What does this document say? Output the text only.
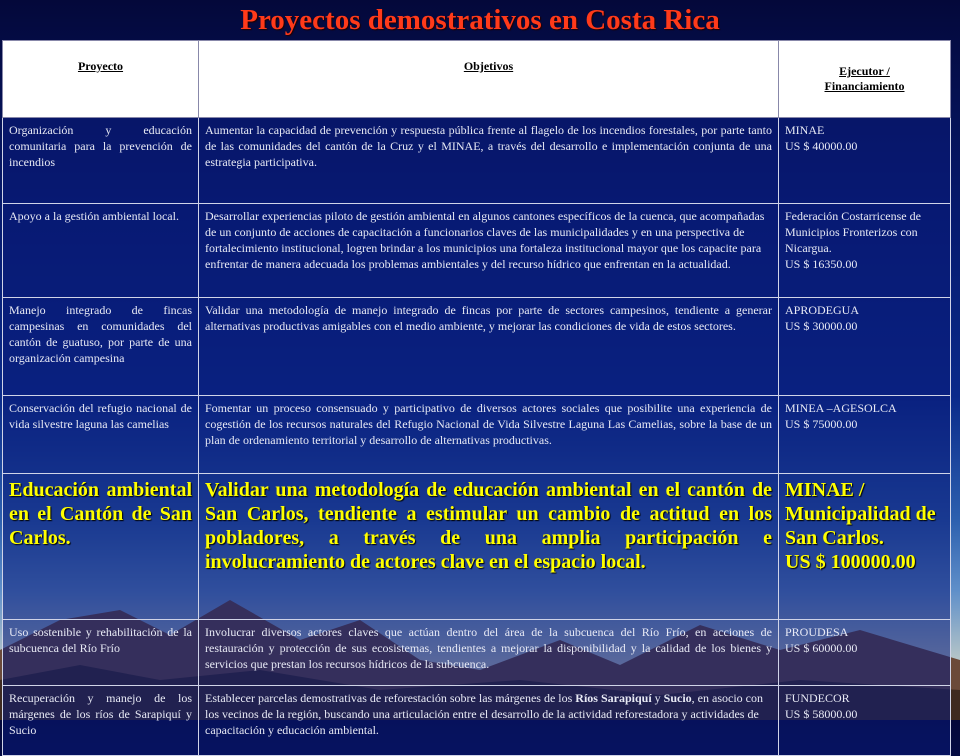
Proyectos demostrativos en Costa Rica
Proyecto	Objetivos	Ejecutor /
Financiamiento
Organización y educación comunitaria para la prevención de incendios	Aumentar la capacidad de prevención y respuesta pública frente al flagelo de los incendios forestales, por parte tanto de las comunidades del cantón de la Cruz y el MINAE, a través del desarrollo e implementación conjunta de una estrategia participativa.	MINAE
US $ 40000.00
Apoyo a la gestión ambiental local.	Desarrollar experiencias piloto de gestión ambiental en algunos cantones específicos de la cuenca, que acompañadas de un conjunto de acciones de capacitación a funcionarios claves de las municipalidades y en una perspectiva de fortalecimiento institucional, logren brindar a los municipios una fortaleza institucional mayor que los capacite para enfrentar de manera adecuada los problemas ambientales y del recurso hídrico que enfrentan en la actualidad.	Federación Costarricense de Municipios Fronterizos con Nicargua.
US $ 16350.00
Manejo integrado de fincas campesinas en comunidades del cantón de guatuso, por parte de una organización campesina	Validar una metodología de manejo integrado de fincas por parte de sectores campesinos, tendiente a generar alternativas productivas amigables con el medio ambiente, y mejorar las condiciones de vida de estos sectores.	APRODEGUA
US $ 30000.00
Conservación del refugio nacional de vida silvestre laguna las camelias	Fomentar un proceso consensuado y participativo de diversos actores sociales que posibilite una experiencia de cogestión de los recursos naturales del Refugio Nacional de Vida Silvestre Laguna Las Camelias, sobre la base de un plan de ordenamiento territorial y desarrollo de alternativas productivas.	MINEA –AGESOLCA
US $ 75000.00
Educación ambiental en el Cantón de San Carlos.	Validar una metodología de educación ambiental en el cantón de San Carlos, tendiente a estimular un cambio de actitud en los pobladores, a través de una amplia participación e involucramiento de actores clave en el espacio local.	MINAE / Municipalidad de San Carlos.
US $ 100000.00
Uso sostenible y rehabilitación de la subcuenca del Río Frío	Involucrar diversos actores claves que actúan dentro del área de la subcuenca del Río Frío, en acciones de restauración y protección de sus ecosistemas, tendientes a mejorar la disponibilidad y la calidad de los bienes y servicios que prestan los recursos hídricos de la subcuenca.	PROUDESA
US $ 60000.00
Recuperación y manejo de los márgenes de los ríos de Sarapiquí y Sucio	Establecer parcelas demostrativas de reforestación sobre las márgenes de los Ríos Sarapiquí y Sucio, en asocio con los vecinos de la región, buscando una articulación entre el desarrollo de la actividad reforestadora y actividades de capacitación y educación ambiental.	FUNDECOR
US $ 58000.00
